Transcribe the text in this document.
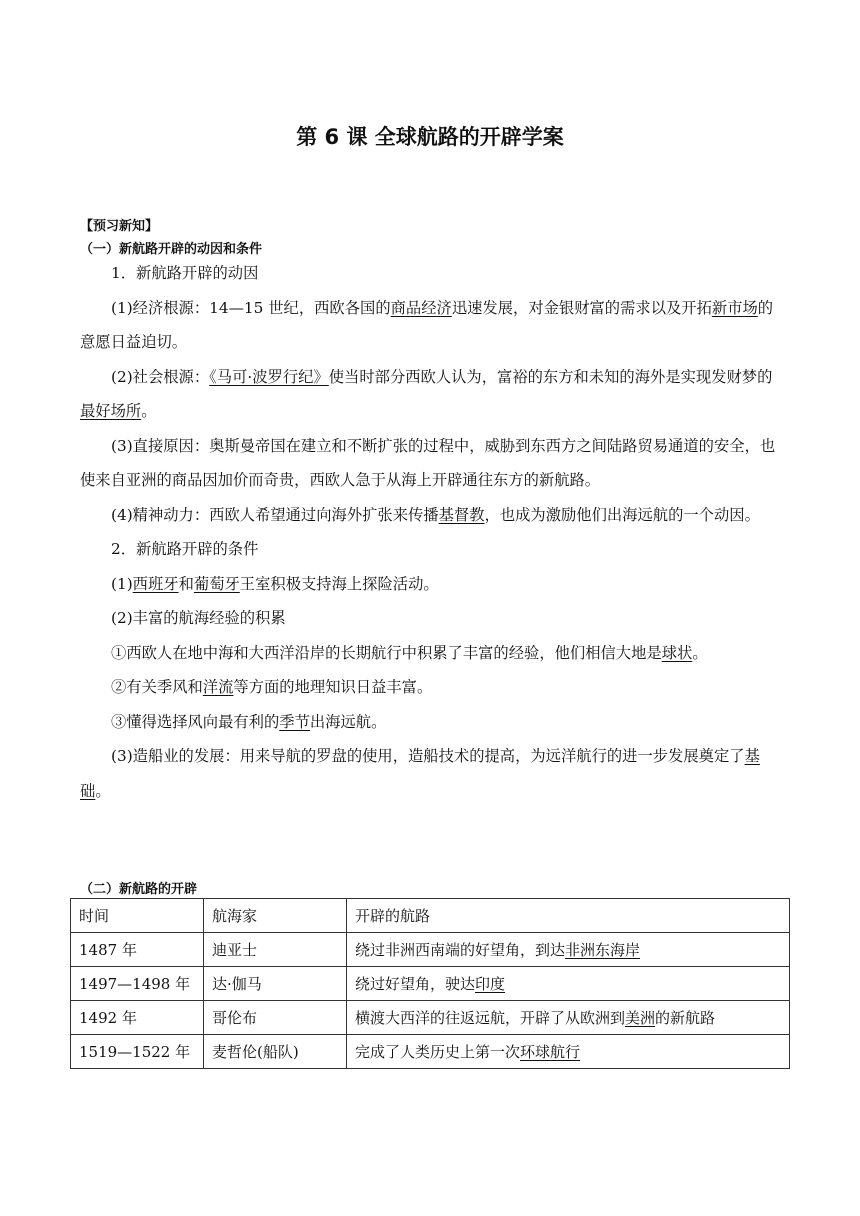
第 6 课 全球航路的开辟学案
【预习新知】
（一）新航路开辟的动因和条件

1．新航路开辟的动因

(1)经济根源：14—15 世纪，西欧各国的商品经济迅速发展，对金银财富的需求以及开拓新市场的意愿日益迫切。

(2)社会根源：《马可·波罗行纪》使当时部分西欧人认为，富裕的东方和未知的海外是实现发财梦的最好场所。

(3)直接原因：奥斯曼帝国在建立和不断扩张的过程中，威胁到东西方之间陆路贸易通道的安全，也使来自亚洲的商品因加价而奇贵，西欧人急于从海上开辟通往东方的新航路。

(4)精神动力：西欧人希望通过向海外扩张来传播基督教，也成为激励他们出海远航的一个动因。

2．新航路开辟的条件

(1)西班牙和葡萄牙王室积极支持海上探险活动。

(2)丰富的航海经验的积累

①西欧人在地中海和大西洋沿岸的长期航行中积累了丰富的经验，他们相信大地是球状。

②有关季风和洋流等方面的地理知识日益丰富。

③懂得选择风向最有利的季节出海远航。

(3)造船业的发展：用来导航的罗盘的使用，造船技术的提高，为远洋航行的进一步发展奠定了基础。

（二）新航路的开辟
时间	航海家	开辟的航路
1487 年	迪亚士	绕过非洲西南端的好望角，到达非洲东海岸
1497—1498 年	达·伽马	绕过好望角，驶达印度
1492 年	哥伦布	横渡大西洋的往返远航，开辟了从欧洲到美洲的新航路
1519—1522 年	麦哲伦(船队)	完成了人类历史上第一次环球航行
